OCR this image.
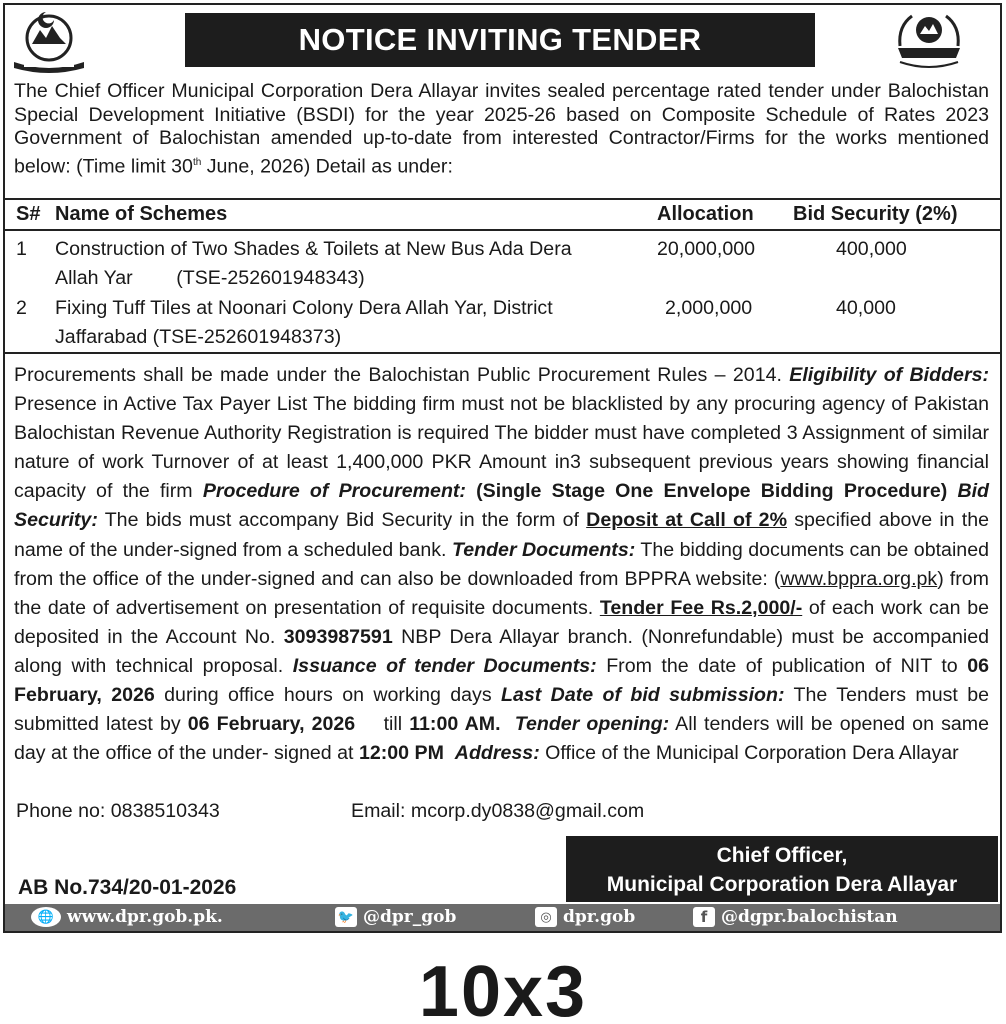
NOTICE INVITING TENDER
The Chief Officer Municipal Corporation Dera Allayar invites sealed percentage rated tender under Balochistan Special Development Initiative (BSDI) for the year 2025-26 based on Composite Schedule of Rates 2023 Government of Balochistan amended up-to-date from interested Contractor/Firms for the works mentioned below: (Time limit 30th June, 2026) Detail as under:
S# Name of Schemes	Allocation Bid Security (2%)
1 Construction of Two Shades & Toilets at New Bus Ada Dera
Allah Yar        (TSE-252601948343)
20,000,000	400,000
2 Fixing Tuff Tiles at Noonari Colony Dera Allah Yar, District
Jaffarabad (TSE-252601948373)
2,000,000	40,000
Procurements shall be made under the Balochistan Public Procurement Rules – 2014. Eligibility of Bidders: Presence in Active Tax Payer List The bidding firm must not be blacklisted by any procuring agency of Pakistan Balochistan Revenue Authority Registration is required The bidder must have completed 3 Assignment of similar nature of work Turnover of at least 1,400,000 PKR Amount in3 subsequent previous years showing financial capacity of the firm Procedure of Procurement: (Single Stage One Envelope Bidding Procedure) Bid Security: The bids must accompany Bid Security in the form of Deposit at Call of 2% specified above in the name of the under-signed from a scheduled bank. Tender Documents: The bidding documents can be obtained from the office of the under-signed and can also be downloaded from BPPRA website: (www.bppra.org.pk) from the date of advertisement on presentation of requisite documents. Tender Fee Rs.2,000/- of each work can be deposited in the Account No. 3093987591 NBP Dera Allayar branch. (Nonrefundable) must be accompanied along with technical proposal. Issuance of tender Documents: From the date of publication of NIT to 06 February, 2026 during office hours on working days Last Date of bid submission: The Tenders must be submitted latest by 06 February, 2026    till 11:00 AM. Tender opening: All tenders will be opened on same day at the office of the under- signed at 12:00 PM Address: Office of the Municipal Corporation Dera Allayar
Phone no: 0838510343	Email: mcorp.dy0838@gmail.com
Chief Officer,
Municipal Corporation Dera Allayar
AB No.734/20-01-2026
🌐 www.dpr.gob.pk.	🐦 @dpr_gob	◎ dpr.gob	f @dgpr.balochistan
10x3
